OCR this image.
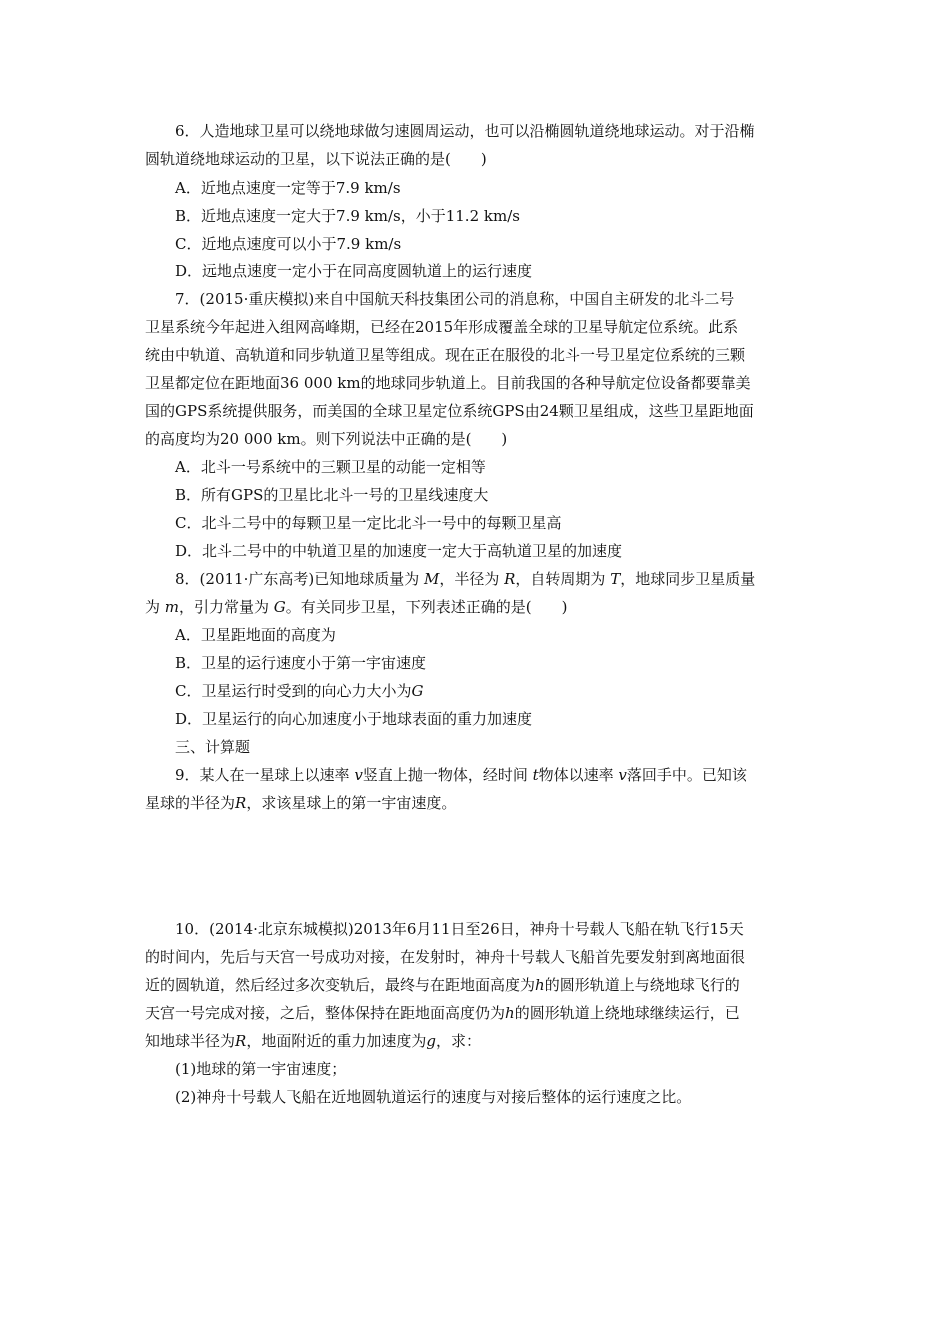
6．人造地球卫星可以绕地球做匀速圆周运动，也可以沿椭圆轨道绕地球运动。对于沿椭
圆轨道绕地球运动的卫星，以下说法正确的是(　　)
A．近地点速度一定等于7.9 km/s
B．近地点速度一定大于7.9 km/s，小于11.2 km/s
C．近地点速度可以小于7.9 km/s
D．远地点速度一定小于在同高度圆轨道上的运行速度
7．(2015·重庆模拟)来自中国航天科技集团公司的消息称，中国自主研发的北斗二号
卫星系统今年起进入组网高峰期，已经在2015年形成覆盖全球的卫星导航定位系统。此系
统由中轨道、高轨道和同步轨道卫星等组成。现在正在服役的北斗一号卫星定位系统的三颗
卫星都定位在距地面36 000 km的地球同步轨道上。目前我国的各种导航定位设备都要靠美
国的GPS系统提供服务，而美国的全球卫星定位系统GPS由24颗卫星组成，这些卫星距地面
的高度均为20 000 km。则下列说法中正确的是(　　)
A．北斗一号系统中的三颗卫星的动能一定相等
B．所有GPS的卫星比北斗一号的卫星线速度大
C．北斗二号中的每颗卫星一定比北斗一号中的每颗卫星高
D．北斗二号中的中轨道卫星的加速度一定大于高轨道卫星的加速度
8．(2011·广东高考)已知地球质量为 M，半径为 R，自转周期为 T，地球同步卫星质量
为 m，引力常量为 G。有关同步卫星，下列表述正确的是(　　)
A．卫星距地面的高度为
B．卫星的运行速度小于第一宇宙速度
C．卫星运行时受到的向心力大小为G
D．卫星运行的向心加速度小于地球表面的重力加速度
三、计算题
9．某人在一星球上以速率 v竖直上抛一物体，经时间 t物体以速率 v落回手中。已知该
星球的半径为R，求该星球上的第一宇宙速度。
10．(2014·北京东城模拟)2013年6月11日至26日，神舟十号载人飞船在轨飞行15天
的时间内，先后与天宫一号成功对接，在发射时，神舟十号载人飞船首先要发射到离地面很
近的圆轨道，然后经过多次变轨后，最终与在距地面高度为h的圆形轨道上与绕地球飞行的
天宫一号完成对接，之后，整体保持在距地面高度仍为h的圆形轨道上绕地球继续运行，已
知地球半径为R，地面附近的重力加速度为g，求：
(1)地球的第一宇宙速度；
(2)神舟十号载人飞船在近地圆轨道运行的速度与对接后整体的运行速度之比。
